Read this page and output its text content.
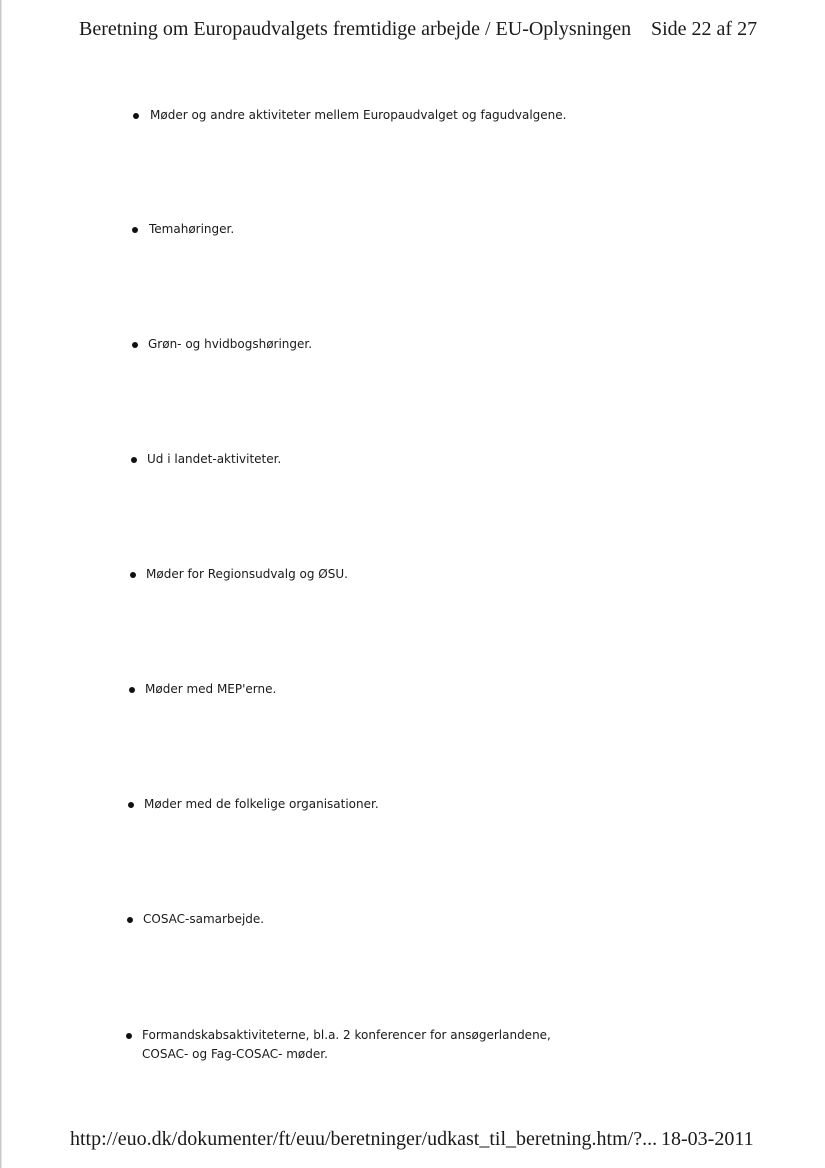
Beretning om Europaudvalgets fremtidige arbejde / EU-Oplysningen Side 22 af 27
Møder og andre aktiviteter mellem Europaudvalget og fagudvalgene.
Temahøringer.
Grøn- og hvidbogshøringer.
Ud i landet-aktiviteter.
Møder for Regionsudvalg og ØSU.
Møder med MEP'erne.
Møder med de folkelige organisationer.
COSAC-samarbejde.
Formandskabsaktiviteterne, bl.a. 2 konferencer for ansøgerlandene,
COSAC- og Fag-COSAC- møder.
http://euo.dk/dokumenter/ft/euu/beretninger/udkast_til_beretning.htm/?... 18-03-2011
